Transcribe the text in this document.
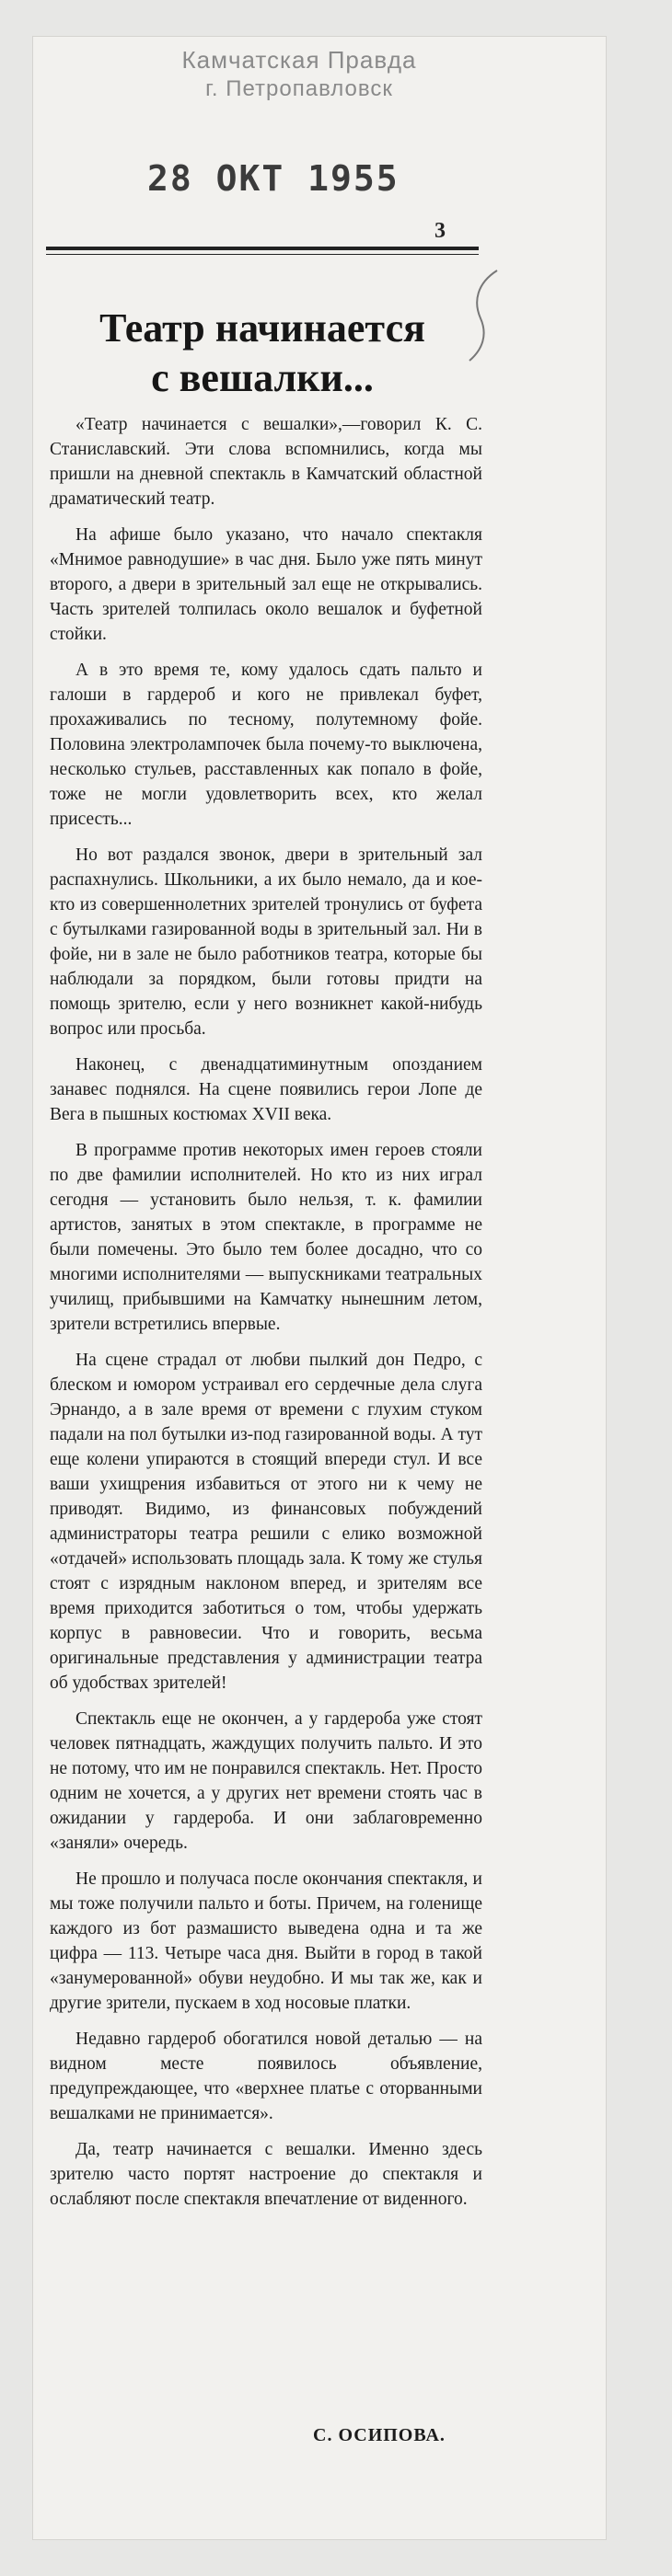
Камчатская Правда
г. Петропавловск
28 ОКТ 1955
3
Театр начинается
с вешалки...

«Театр начинается с вешалки»,—говорил К. С. Станиславский. Эти слова вспомнились, когда мы пришли на дневной спектакль в Камчатский областной драматический театр.

На афише было указано, что начало спектакля «Мнимое равнодушие» в час дня. Было уже пять минут второго, а двери в зрительный зал еще не открывались. Часть зрителей толпилась около вешалок и буфетной стойки.

А в это время те, кому удалось сдать пальто и галоши в гардероб и кого не привлекал буфет, прохаживались по тесному, полутемному фойе. Половина электролампочек была почему-то выключена, несколько стульев, расставленных как попало в фойе, тоже не могли удовлетворить всех, кто желал присесть...

Но вот раздался звонок, двери в зрительный зал распахнулись. Школьники, а их было немало, да и кое-кто из совершеннолетних зрителей тронулись от буфета с бутылками газированной воды в зрительный зал. Ни в фойе, ни в зале не было работников театра, которые бы наблюдали за порядком, были готовы придти на помощь зрителю, если у него возникнет какой-нибудь вопрос или просьба.

Наконец, с двенадцатиминутным опозданием занавес поднялся. На сцене появились герои Лопе де Вега в пышных костюмах XVII века.

В программе против некоторых имен героев стояли по две фамилии исполнителей. Но кто из них играл сегодня — установить было нельзя, т. к. фамилии артистов, занятых в этом спектакле, в программе не были помечены. Это было тем более досадно, что со многими исполнителями — выпускниками театральных училищ, прибывшими на Камчатку нынешним летом, зрители встретились впервые.

На сцене страдал от любви пылкий дон Педро, с блеском и юмором устраивал его сердечные дела слуга Эрнандо, а в зале время от времени с глухим стуком падали на пол бутылки из-под газированной воды. А тут еще колени упираются в стоящий впереди стул. И все ваши ухищрения избавиться от этого ни к чему не приводят. Видимо, из финансовых побуждений администраторы театра решили с елико возможной «отдачей» использовать площадь зала. К тому же стулья стоят с изрядным наклоном вперед, и зрителям все время приходится заботиться о том, чтобы удержать корпус в равновесии. Что и говорить, весьма оригинальные представления у администрации театра об удобствах зрителей!

Спектакль еще не окончен, а у гардероба уже стоят человек пятнадцать, жаждущих получить пальто. И это не потому, что им не понравился спектакль. Нет. Просто одним не хочется, а у других нет времени стоять час в ожидании у гардероба. И они заблаговременно «заняли» очередь.

Не прошло и получаса после окончания спектакля, и мы тоже получили пальто и боты. Причем, на голенище каждого из бот размашисто выведена одна и та же цифра — 113. Четыре часа дня. Выйти в город в такой «занумерованной» обуви неудобно. И мы так же, как и другие зрители, пускаем в ход носовые платки.

Недавно гардероб обогатился новой деталью — на видном месте появилось объявление, предупреждающее, что «верхнее платье с оторванными вешалками не принимается».

Да, театр начинается с вешалки. Именно здесь зрителю часто портят настроение до спектакля и ослабляют после спектакля впечатление от виденного.

С. ОСИПОВА.
